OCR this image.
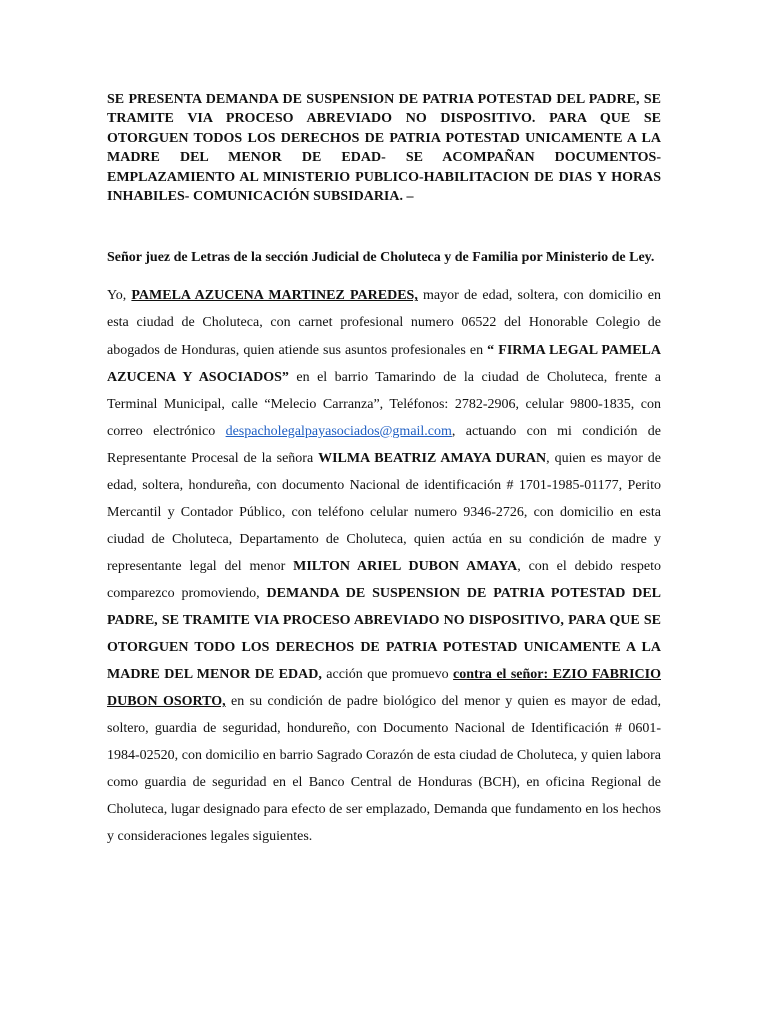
SE PRESENTA DEMANDA DE SUSPENSION DE PATRIA POTESTAD DEL PADRE, SE TRAMITE VIA PROCESO ABREVIADO NO DISPOSITIVO. PARA QUE SE OTORGUEN TODOS LOS DERECHOS DE PATRIA POTESTAD UNICAMENTE A LA MADRE DEL MENOR DE EDAD- SE ACOMPAÑAN DOCUMENTOS- EMPLAZAMIENTO AL MINISTERIO PUBLICO-HABILITACION DE DIAS Y HORAS INHABILES- COMUNICACIÓN SUBSIDARIA. –

Señor juez de Letras de la sección Judicial de Choluteca y de Familia por Ministerio de Ley.

Yo, PAMELA AZUCENA MARTINEZ PAREDES, mayor de edad, soltera, con domicilio en esta ciudad de Choluteca, con carnet profesional numero 06522 del Honorable Colegio de abogados de Honduras, quien atiende sus asuntos profesionales en “ FIRMA LEGAL PAMELA AZUCENA Y ASOCIADOS” en el barrio Tamarindo de la ciudad de Choluteca, frente a Terminal Municipal, calle “Melecio Carranza”, Teléfonos: 2782-2906, celular 9800-1835, con correo electrónico despacholegalpayasociados@gmail.com, actuando con mi condición de Representante Procesal de la señora WILMA BEATRIZ AMAYA DURAN, quien es mayor de edad, soltera, hondureña, con documento Nacional de identificación # 1701-1985-01177, Perito Mercantil y Contador Público, con teléfono celular numero 9346-2726, con domicilio en esta ciudad de Choluteca, Departamento de Choluteca, quien actúa en su condición de madre y representante legal del menor MILTON ARIEL DUBON AMAYA, con el debido respeto comparezco promoviendo, DEMANDA DE SUSPENSION DE PATRIA POTESTAD DEL PADRE, SE TRAMITE VIA PROCESO ABREVIADO NO DISPOSITIVO, PARA QUE SE OTORGUEN TODO LOS DERECHOS DE PATRIA POTESTAD UNICAMENTE A LA MADRE DEL MENOR DE EDAD, acción que promuevo contra el señor: EZIO FABRICIO DUBON OSORTO, en su condición de padre biológico del menor y quien es mayor de edad, soltero, guardia de seguridad, hondureño, con Documento Nacional de Identificación # 0601-1984-02520, con domicilio en barrio Sagrado Corazón de esta ciudad de Choluteca, y quien labora como guardia de seguridad en el Banco Central de Honduras (BCH), en oficina Regional de Choluteca, lugar designado para efecto de ser emplazado, Demanda que fundamento en los hechos y consideraciones legales siguientes.
